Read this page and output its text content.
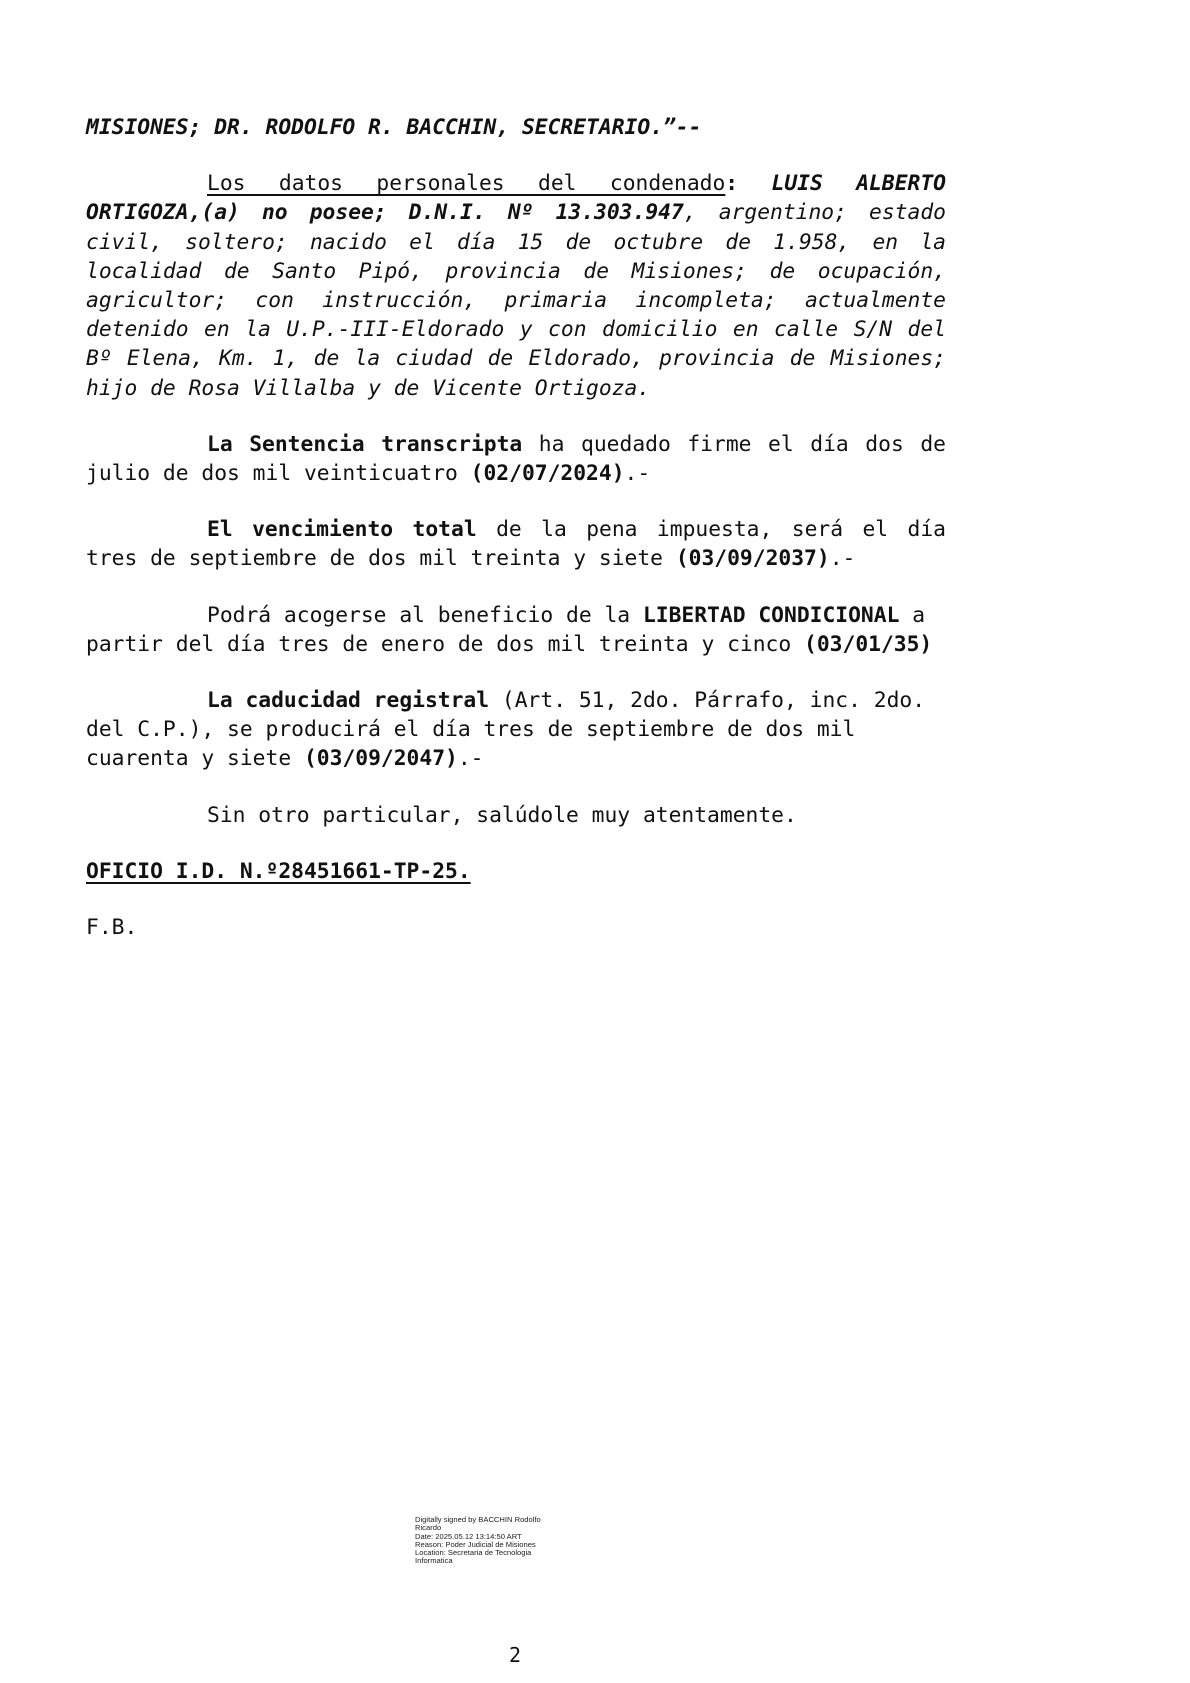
MISIONES; DR. RODOLFO R. BACCHIN, SECRETARIO.”--

Los datos personales del condenado: LUIS ALBERTO ORTIGOZA,(a) no posee; D.N.I. Nº 13.303.947, argentino; estado civil, soltero; nacido el día 15 de octubre de 1.958, en la localidad de Santo Pipó, provincia de Misiones; de ocupación, agricultor; con instrucción, primaria incompleta; actualmente detenido en la U.P.-III-Eldorado y con domicilio en calle S/N del Bº Elena, Km. 1, de la ciudad de Eldorado, provincia de Misiones; hijo de Rosa Villalba y de Vicente Ortigoza.

La Sentencia transcripta ha quedado firme el día dos de julio de dos mil veinticuatro (02/07/2024).-

El vencimiento total de la pena impuesta, será el día tres de septiembre de dos mil treinta y siete (03/09/2037).-

Podrá acogerse al beneficio de la LIBERTAD CONDICIONAL a partir del día tres de enero de dos mil treinta y cinco (03/01/35)

La caducidad registral (Art. 51, 2do. Párrafo, inc. 2do. del C.P.), se producirá el día tres de septiembre de dos mil cuarenta y siete (03/09/2047).-

Sin otro particular, salúdole muy atentamente.

OFICIO I.D. N.º28451661-TP-25.

F.B.

Digitally signed by BACCHIN Rodolfo
Ricardo
Date: 2025.05.12 13:14:50 ART
Reason: Poder Judicial de Misiones
Location: Secretaria de Tecnologia
Informatica
2
